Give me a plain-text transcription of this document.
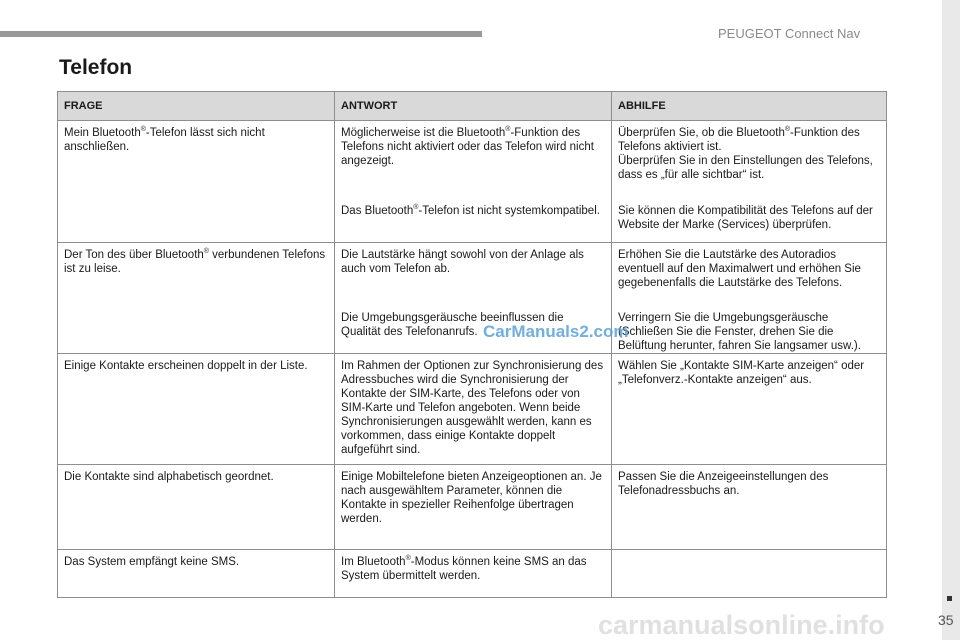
PEUGEOT Connect Nav
35
Telefon
FRAGE	ANTWORT	ABHILFE
Mein Bluetooth®-Telefon lässt sich nicht anschließen.	Möglicherweise ist die Bluetooth®-Funktion des Telefons nicht aktiviert oder das Telefon wird nicht angezeigt.	Überprüfen Sie, ob die Bluetooth®-Funktion des Telefons aktiviert ist.
Überprüfen Sie in den Einstellungen des Telefons, dass es „für alle sichtbar“ ist.
	Das Bluetooth®-Telefon ist nicht systemkompatibel.	Sie können die Kompatibilität des Telefons auf der Website der Marke (Services) überprüfen.
Der Ton des über Bluetooth® verbundenen Telefons ist zu leise.	Die Lautstärke hängt sowohl von der Anlage als auch vom Telefon ab.	Erhöhen Sie die Lautstärke des Autoradios eventuell auf den Maximalwert und erhöhen Sie gegebenenfalls die Lautstärke des Telefons.
	Die Umgebungsgeräusche beeinflussen die Qualität des Telefonanrufs.	Verringern Sie die Umgebungsgeräusche (Schließen Sie die Fenster, drehen Sie die Belüftung herunter, fahren Sie langsamer usw.).
Einige Kontakte erscheinen doppelt in der Liste.	Im Rahmen der Optionen zur Synchronisierung des Adressbuches wird die Synchronisierung der Kontakte der SIM-Karte, des Telefons oder von SIM-Karte und Telefon angeboten. Wenn beide Synchronisierungen ausgewählt werden, kann es vorkommen, dass einige Kontakte doppelt aufgeführt sind.	Wählen Sie „Kontakte SIM-Karte anzeigen“ oder „Telefonverz.-Kontakte anzeigen“ aus.
Die Kontakte sind alphabetisch geordnet.	Einige Mobiltelefone bieten Anzeigeoptionen an. Je nach ausgewähltem Parameter, können die Kontakte in spezieller Reihenfolge übertragen werden.	Passen Sie die Anzeigeeinstellungen des Telefonadressbuchs an.
Das System empfängt keine SMS.	Im Bluetooth®-Modus können keine SMS an das System übermittelt werden.	
CarManuals2.com
carmanualsonline.info
